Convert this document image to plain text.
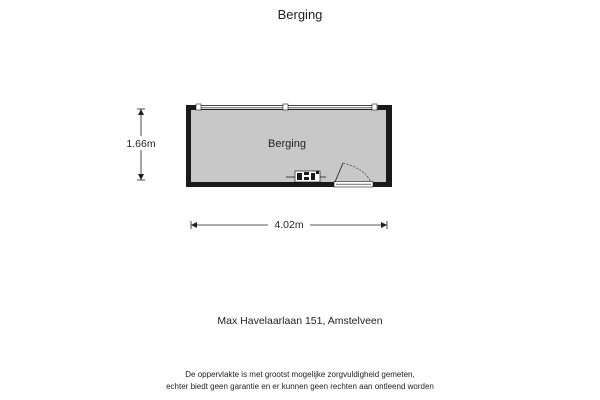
Berging
Berging
1.66m
4.02m
Max Havelaarlaan 151, Amstelveen
De oppervlakte is met grootst mogelijke zorgvuldigheid gemeten,
echter biedt geen garantie en er kunnen geen rechten aan ontleend worden
